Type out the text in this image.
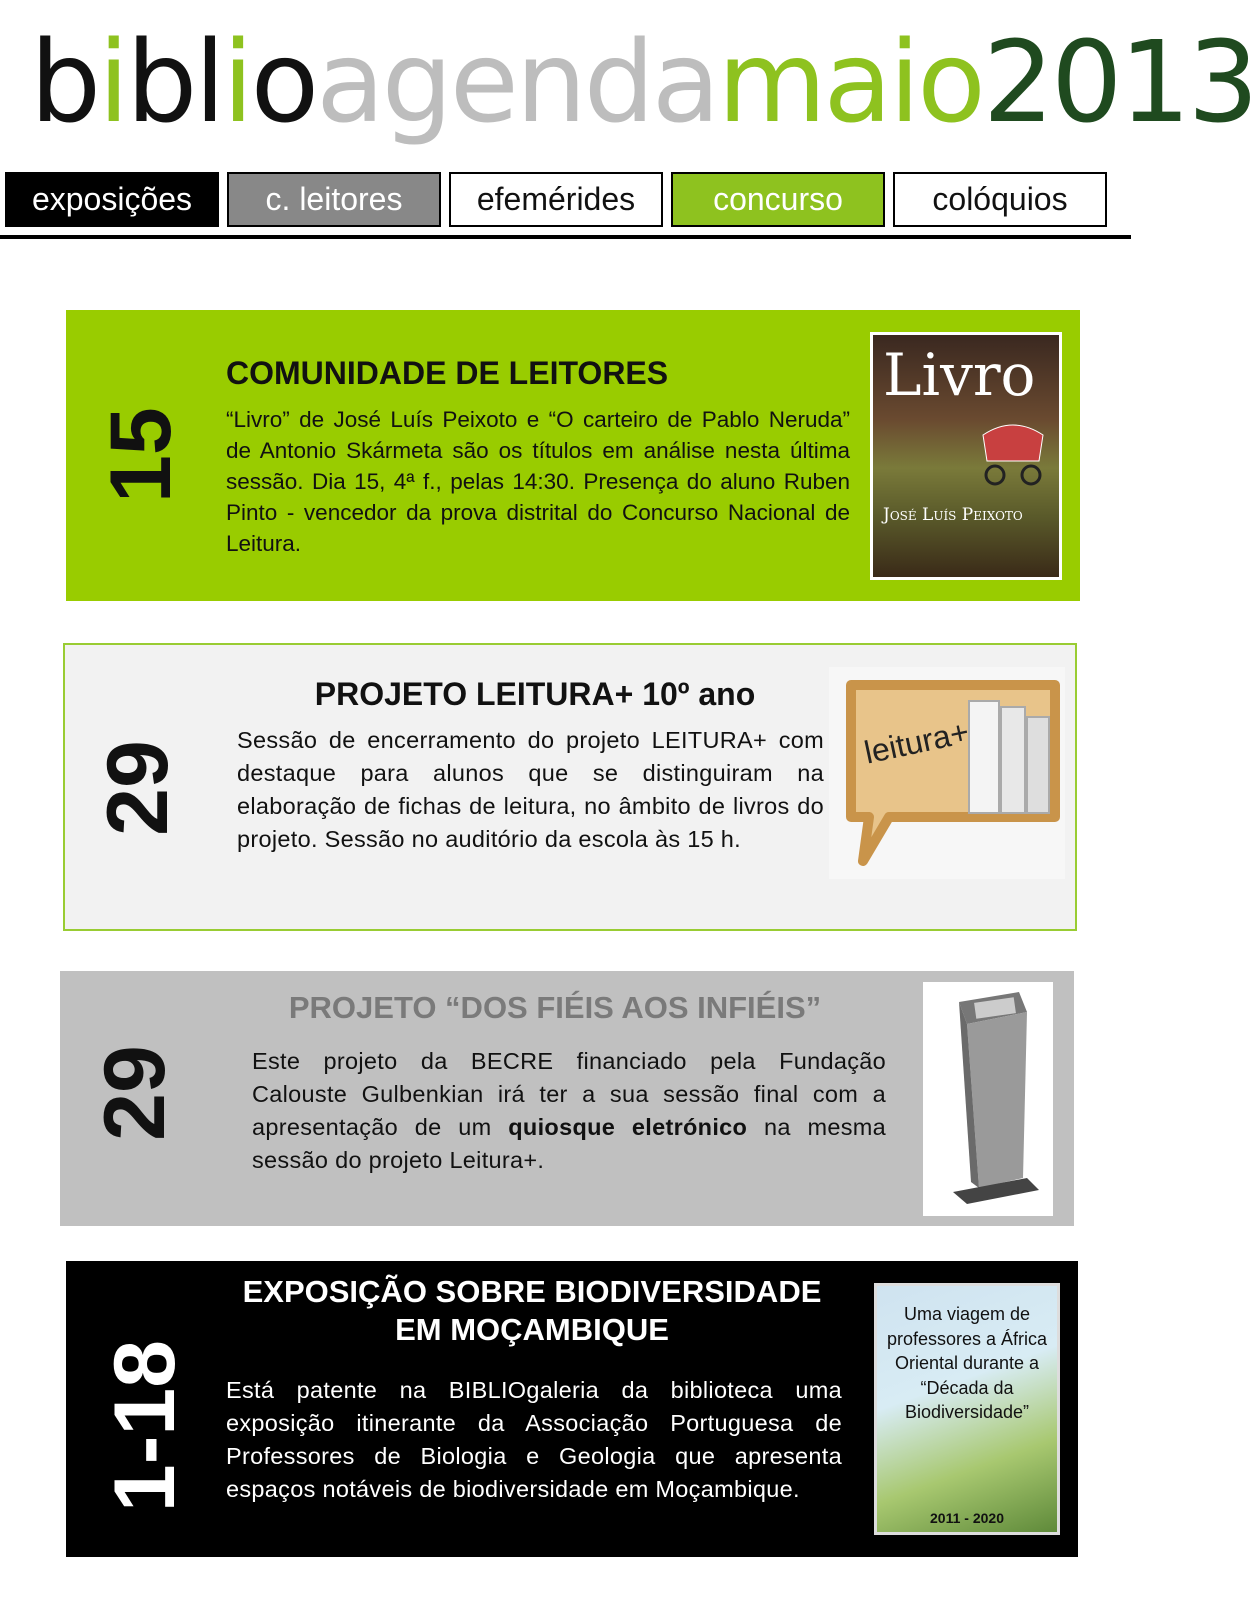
biblioagendamaio2013
exposições	c. leitores	efemérides	concurso	colóquios
15
COMUNIDADE DE LEITORES
“Livro” de José Luís Peixoto e “O carteiro de Pablo Neruda” de Antonio Skármeta são os títulos em análise nesta última sessão. Dia 15, 4ª f., pelas 14:30. Presença do aluno Ruben Pinto - vencedor da prova distrital do Concurso Nacional de Leitura.
Livro
José Luís Peixoto
29
PROJETO LEITURA+ 10º ano
Sessão de encerramento do projeto LEITURA+ com destaque para alunos que se distinguiram na elaboração de fichas de leitura, no âmbito de livros do projeto. Sessão no auditório da escola às 15 h.
leitura+
29
PROJETO “DOS FIÉIS AOS INFIÉIS”
Este projeto da BECRE financiado pela Fundação Calouste Gulbenkian irá ter a sua sessão final com a apresentação de um quiosque eletrónico na mesma sessão do projeto Leitura+.
1-18
EXPOSIÇÃO SOBRE BIODIVERSIDADE EM MOÇAMBIQUE
Está patente na BIBLIOgaleria da biblioteca uma exposição itinerante da Associação Portuguesa de Professores de Biologia e Geologia que apresenta espaços notáveis de biodiversidade em Moçambique.
Uma viagem de professores a África Oriental durante a “Década da Biodiversidade”
2011 - 2020
